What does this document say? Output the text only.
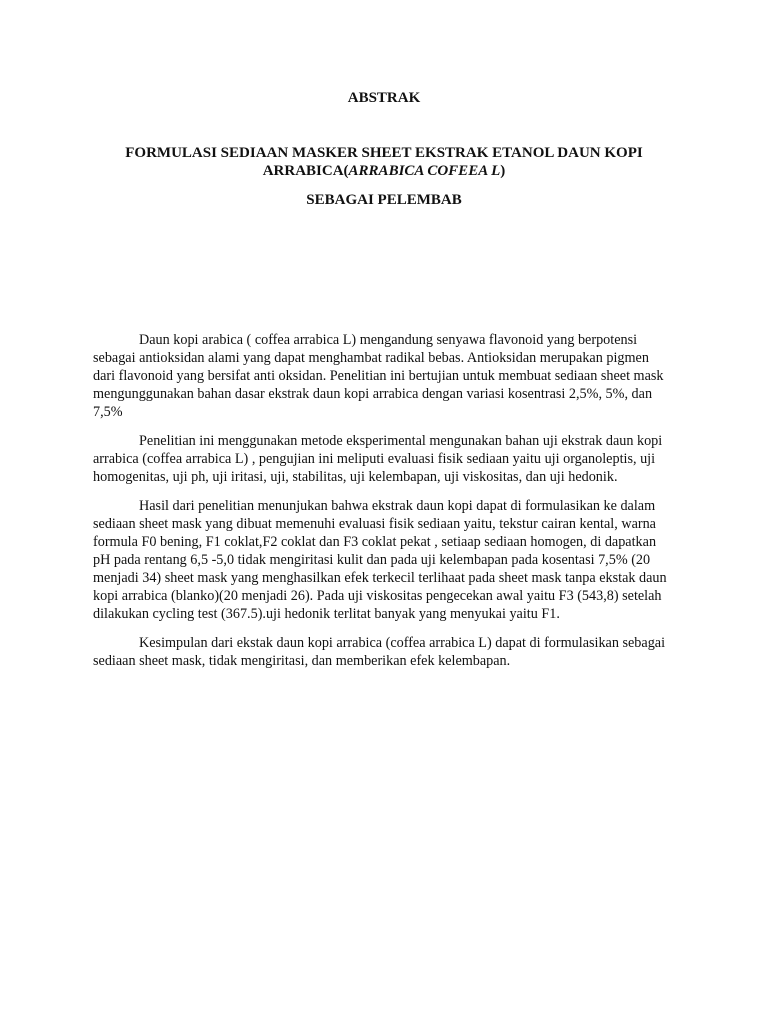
ABSTRAK
FORMULASI SEDIAAN MASKER SHEET EKSTRAK ETANOL DAUN KOPI
ARRABICA(ARRABICA COFEEA L)
SEBAGAI PELEMBAB

Daun kopi arabica ( coffea arrabica L) mengandung senyawa flavonoid yang berpotensi sebagai antioksidan alami yang dapat menghambat radikal bebas. Antioksidan merupakan pigmen dari flavonoid yang bersifat anti oksidan. Penelitian ini bertujian untuk membuat sediaan sheet mask mengunggunakan bahan dasar ekstrak daun kopi arrabica dengan variasi kosentrasi 2,5%, 5%, dan 7,5%

Penelitian ini menggunakan metode eksperimental mengunakan bahan uji ekstrak daun kopi arrabica (coffea arrabica L) , pengujian ini meliputi evaluasi fisik sediaan yaitu uji organoleptis, uji homogenitas, uji ph, uji iritasi, uji, stabilitas, uji kelembapan, uji viskositas, dan uji hedonik.

Hasil dari penelitian menunjukan bahwa ekstrak daun kopi dapat di formulasikan ke dalam sediaan sheet mask yang dibuat memenuhi evaluasi fisik sediaan yaitu, tekstur cairan kental, warna formula F0 bening, F1 coklat,F2 coklat dan F3 coklat pekat , setiaap sediaan homogen, di dapatkan pH pada rentang 6,5 -5,0 tidak mengiritasi kulit dan pada uji kelembapan pada kosentasi 7,5% (20 menjadi 34) sheet mask yang menghasilkan efek terkecil terlihaat pada sheet mask tanpa ekstak daun kopi arrabica (blanko)(20 menjadi 26). Pada uji viskositas pengecekan awal yaitu F3 (543,8) setelah dilakukan cycling test (367.5).uji hedonik terlitat banyak yang menyukai yaitu F1.

Kesimpulan dari ekstak daun kopi arrabica (coffea arrabica L) dapat di formulasikan sebagai sediaan sheet mask, tidak mengiritasi, dan memberikan efek kelembapan.
